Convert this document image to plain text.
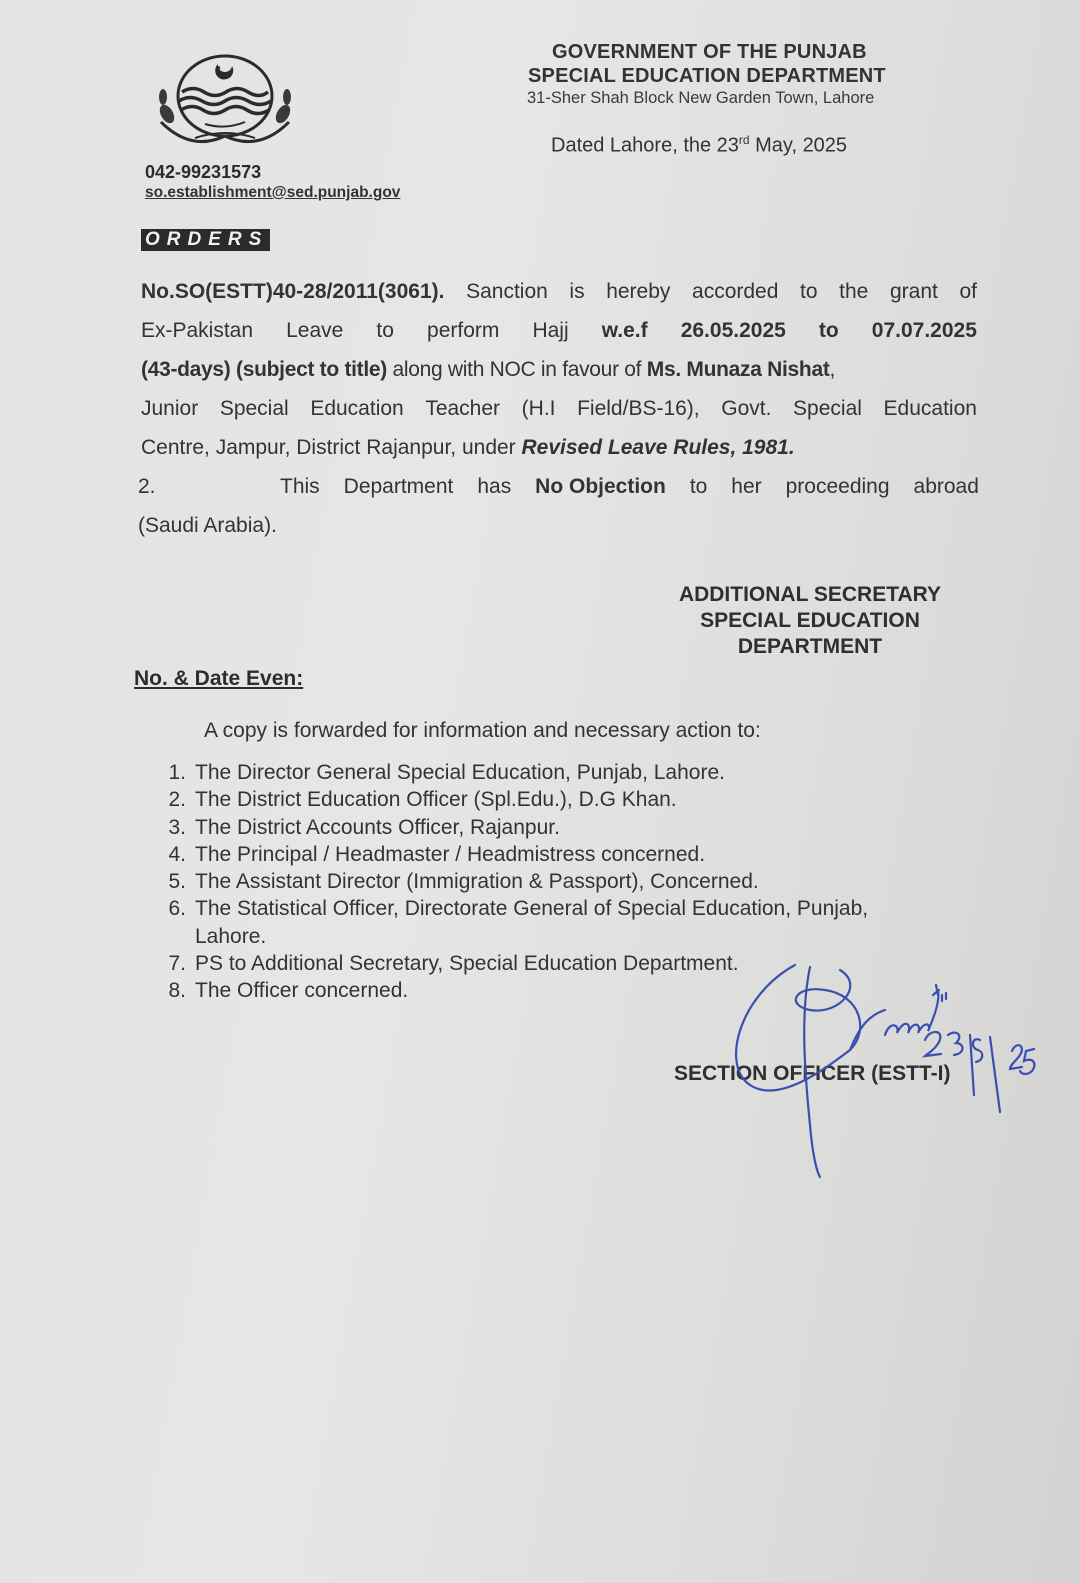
GOVERNMENT OF THE PUNJAB
SPECIAL EDUCATION DEPARTMENT
31-Sher Shah Block New Garden Town, Lahore
Dated Lahore, the 23rd May, 2025
042-99231573
so.establishment@sed.punjab.gov
ORDERS
No.SO(ESTT)40-28/2011(3061). Sanction is hereby accorded to the grant of
Ex-Pakistan Leave to perform Hajj w.e.f 26.05.2025 to 07.07.2025
(43-days) (subject to title) along with NOC in favour of Ms. Munaza Nishat,
Junior Special Education Teacher (H.I Field/BS-16), Govt. Special Education
Centre, Jampur, District Rajanpur, under Revised Leave Rules, 1981.
2.	This Department has No Objection to her proceeding abroad
(Saudi Arabia).
ADDITIONAL SECRETARY
SPECIAL EDUCATION
DEPARTMENT
No. & Date Even:
A copy is forwarded for information and necessary action to:
1. The Director General Special Education, Punjab, Lahore.
2. The District Education Officer (Spl.Edu.), D.G Khan.
3. The District Accounts Officer, Rajanpur.
4. The Principal / Headmaster / Headmistress concerned.
5. The Assistant Director (Immigration & Passport), Concerned.
6. The Statistical Officer, Directorate General of Special Education, Punjab,
Lahore.
7. PS to Additional Secretary, Special Education Department.
8. The Officer concerned.
SECTION OFFICER (ESTT-I)
